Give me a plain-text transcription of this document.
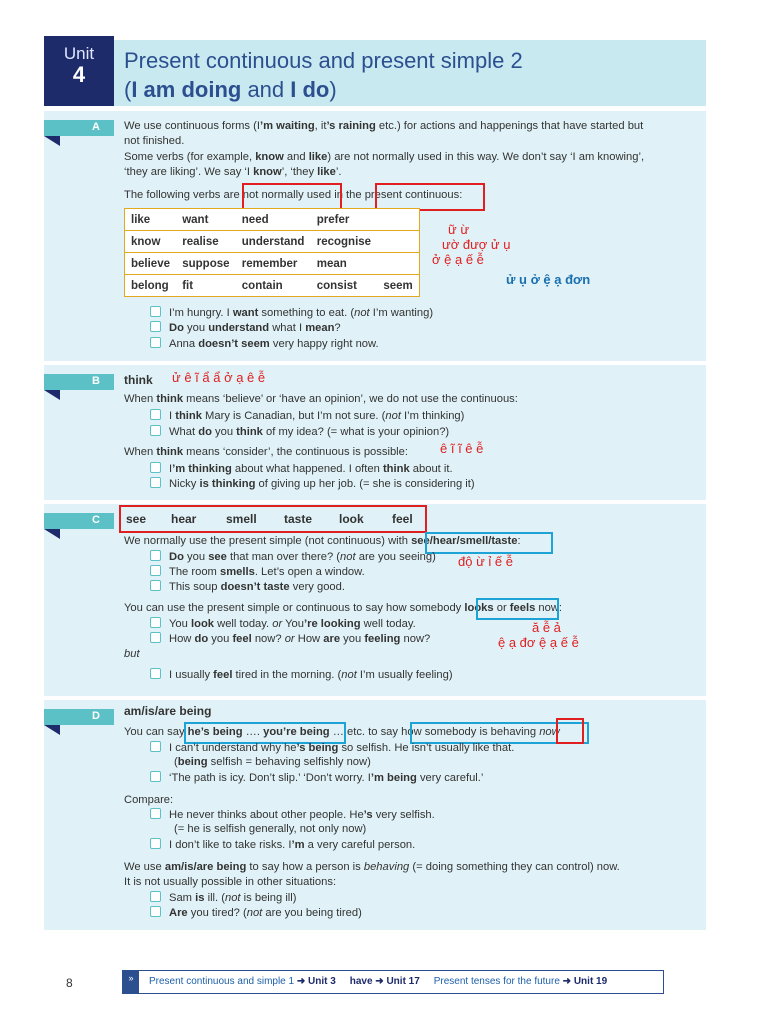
Unit
4
Present continuous and present simple 2
(I am doing and I do)
A We use continuous forms (I’m waiting, it’s raining etc.) for actions and happenings that have started but
not finished.
Some verbs (for example, know and like) are not normally used in this way. We don’t say ‘I am knowing’,
‘they are liking’. We say ‘I know’, ‘they like’.
The following verbs are not normally used in the present continuous:
like	want	need	prefer	
know	realise	understand	recognise	
believe	suppose	remember	mean	
belong	fit	contain	consist	seem
ữ ừ
ườ đượ ử ụ
ở ệ ạ ế ễ
ử ụ ở ệ ạ đơn
I’m hungry. I want something to eat. (not I’m wanting)
Do you understand what I mean?
Anna doesn’t seem very happy right now.
B think ử ê ĩ ẩ ẩ ở ạ ê ễ
When think means ‘believe’ or ‘have an opinion’, we do not use the continuous:
I think Mary is Canadian, but I’m not sure. (not I’m thinking)
What do you think of my idea? (= what is your opinion?)
When think means ‘consider’, the continuous is possible: ê ĩ ĩ ê ễ
I’m thinking about what happened. I often think about it.
Nicky is thinking of giving up her job. (= she is considering it)
C see hear smell taste look feel
We normally use the present simple (not continuous) with see/hear/smell/taste:
Do you see that man over there? (not are you seeing) độ ừ ỉ ế ễ
The room smells. Let’s open a window.
This soup doesn’t taste very good.
You can use the present simple or continuous to say how somebody looks or feels now:
You look well today. or You’re looking well today.	ă ễ ả
How do you feel now? or How are you feeling now?	ệ ạ đơ ệ ạ ế ễ
but
I usually feel tired in the morning. (not I’m usually feeling)
D am/is/are being
You can say he’s being …. you’re being … etc. to say how somebody is behaving now
I can’t understand why he’s being so selfish. He isn’t usually like that.
(being selfish = behaving selfishly now)
‘The path is icy. Don’t slip.’ ‘Don’t worry. I’m being very careful.’
Compare:
He never thinks about other people. He’s very selfish.
(= he is selfish generally, not only now)
I don’t like to take risks. I’m a very careful person.
We use am/is/are being to say how a person is behaving (= doing something they can control) now.
It is not usually possible in other situations:
Sam is ill. (not is being ill)
Are you tired? (not are you being tired)
8	»	Present continuous and simple 1 ➜ Unit 3 have ➜ Unit 17 Present tenses for the future ➜ Unit 19
